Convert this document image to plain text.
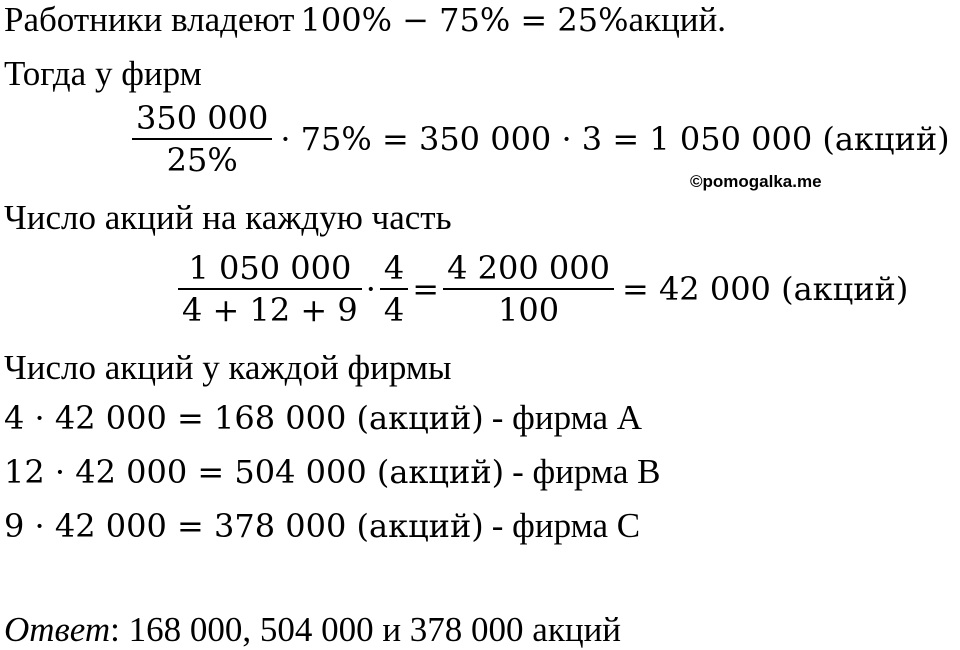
Работники владеют 100% − 75% = 25% акций.
Тогда у фирм
$\frac{350 000}{25\%} \cdot 75\% = 350$ 000 · 3 = 1 050 000 (акций)
©pomogalka.me
Число акций на каждую часть
$\frac{1 050 000}{4 + 12 + 9} \cdot \frac{4}{4} = \frac{4 200 000}{100} = 42$ 000 (акций)
Число акций у каждой фирмы
4 · 42 000 = 168 000 (акций) - фирма А
12 · 42 000 = 504 000 (акций) - фирма В
9 · 42 000 = 378 000 (акций) - фирма С
Ответ : 168 000, 504 000 и 378 000 акций
